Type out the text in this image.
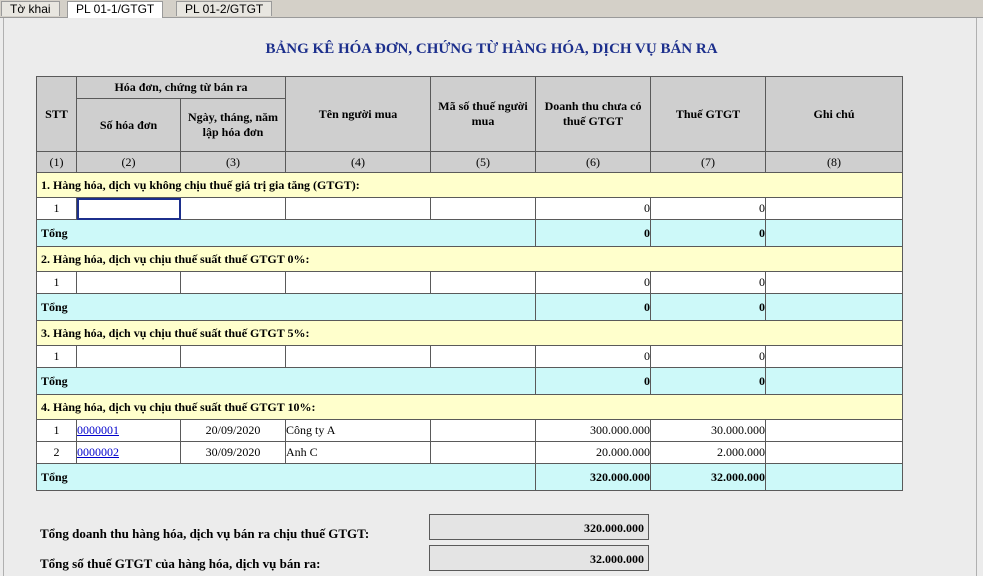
Tờ khai	PL 01-1/GTGT	PL 01-2/GTGT
BẢNG KÊ HÓA ĐƠN, CHỨNG TỪ HÀNG HÓA, DỊCH VỤ BÁN RA
STT	Hóa đơn, chứng từ bán ra		Tên người mua	Mã số thuế người mua	Doanh thu chưa có thuế GTGT	Thuế GTGT	Ghi chú
	Số hóa đơn	Ngày, tháng, năm lập hóa đơn					
(1)	(2)	(3)	(4)	(5)	(6)	(7)	(8)
1. Hàng hóa, dịch vụ không chịu thuế giá trị gia tăng (GTGT):							
1					0	0	
Tổng					0	0	
2. Hàng hóa, dịch vụ chịu thuế suất thuế GTGT 0%:							
1					0	0	
Tổng					0	0	
3. Hàng hóa, dịch vụ chịu thuế suất thuế GTGT 5%:							
1					0	0	
Tổng					0	0	
4. Hàng hóa, dịch vụ chịu thuế suất thuế GTGT 10%:							
1	0000001	20/09/2020	Công ty A		300.000.000	30.000.000	
2	0000002	30/09/2020	Anh C		20.000.000	2.000.000	
Tổng					320.000.000	32.000.000	
Tổng doanh thu hàng hóa, dịch vụ bán ra chịu thuế GTGT:	320.000.000
Tổng số thuế GTGT của hàng hóa, dịch vụ bán ra:	32.000.000
